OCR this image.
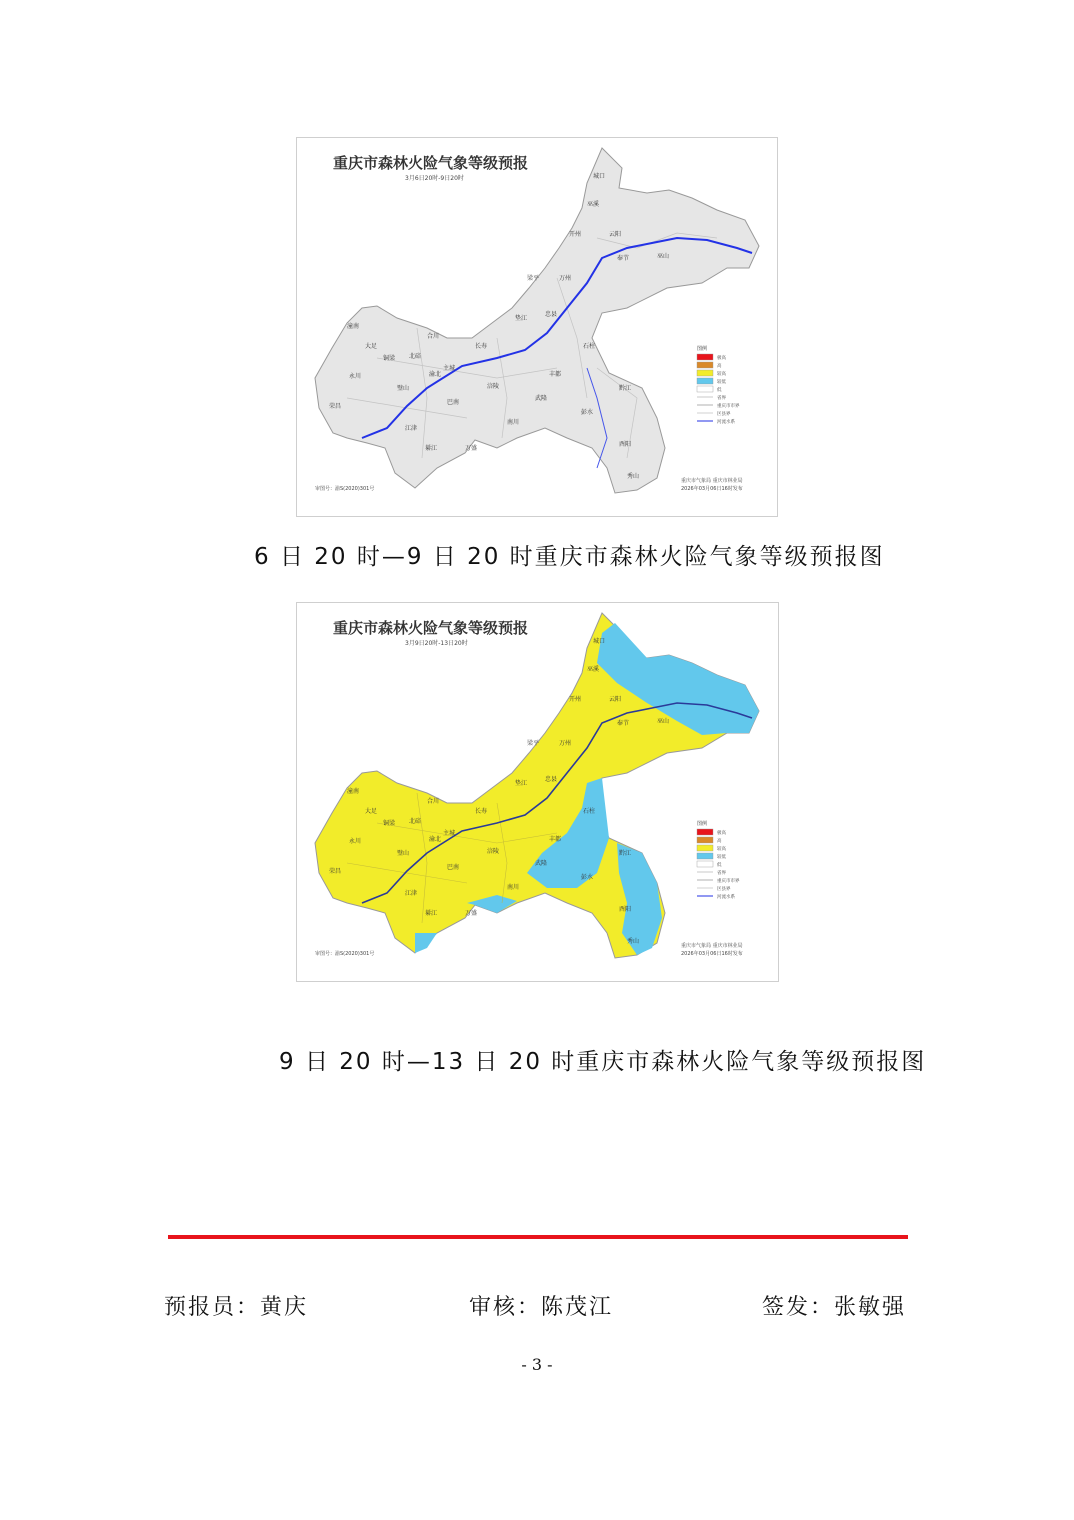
重庆市森林火险气象等级预报
3月6日20时-9日20时	城口
巫溪
开州	云阳
奉节	巫山
梁平	万州
垫江
忠县
石柱
长寿
涪陵
丰都
合川
北碚
渝北
大足
铜梁
璧山
永川
荣昌
江津
綦江
南川
武隆
彭水
黔江
酉阳
秀山
潼南
主城
巴南
万盛
图例
极高
高
较高
较低
低
省界
重庆市市界
区县界
河流水系
审图号：渝S(2020)301号
重庆市气象局 重庆市林业局
2026年03月06日16时发布
6 日 20 时—9 日 20 时重庆市森林火险气象等级预报图
重庆市森林火险气象等级预报
3月9日20时-13日20时	城口
巫溪
开州	云阳
奉节	巫山
梁平	万州
垫江
忠县
石柱
长寿
涪陵
丰都
合川
北碚
渝北
大足
铜梁
璧山
永川
荣昌
江津
綦江
南川
武隆
彭水
黔江
酉阳
秀山
潼南
主城
巴南
万盛
图例
极高
高
较高
较低
低
省界
重庆市市界
区县界
河流水系
审图号：渝S(2020)301号
重庆市气象局 重庆市林业局
2026年03月06日16时发布
9 日 20 时—13 日 20 时重庆市森林火险气象等级预报图
预报员：黄庆	审核：陈茂江	签发：张敏强
- 3 -
